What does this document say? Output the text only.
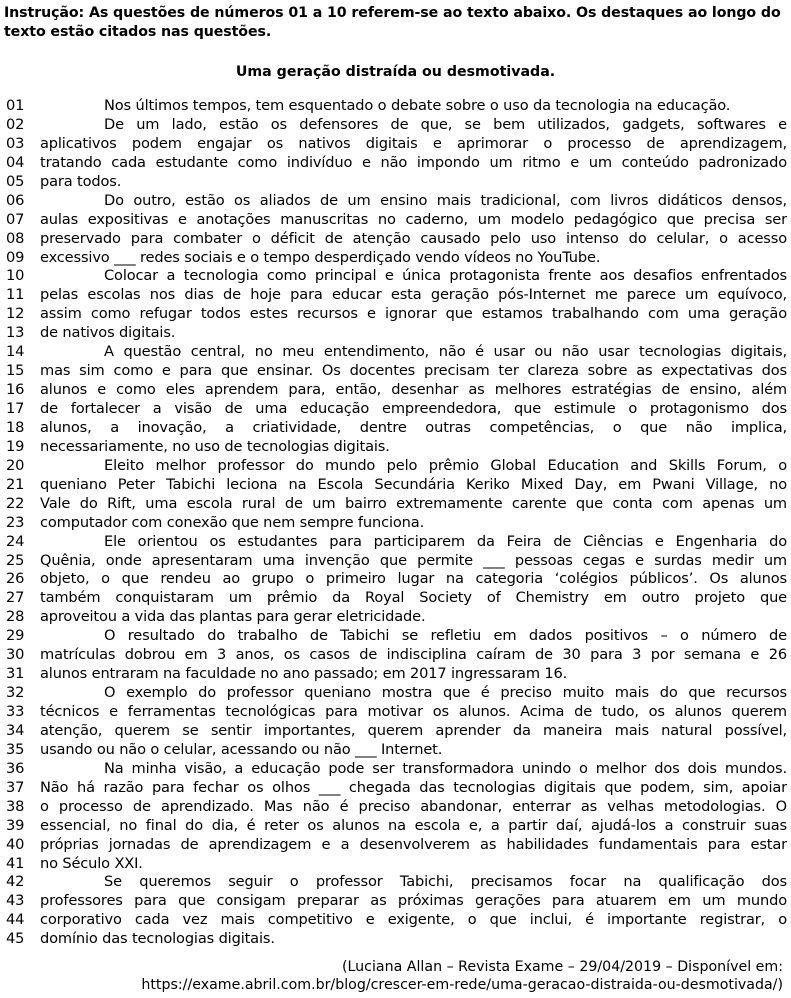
Instrução: As questões de números 01 a 10 referem-se ao texto abaixo. Os destaques ao longo do texto estão citados nas questões.

Uma geração distraída ou desmotivada.
01	Nos últimos tempos, tem esquentado o debate sobre o uso da tecnologia na educação.
02	De um lado, estão os defensores de que, se bem utilizados, gadgets, softwares e
03	aplicativos podem engajar os nativos digitais e aprimorar o processo de aprendizagem,
04	tratando cada estudante como indivíduo e não impondo um ritmo e um conteúdo padronizado
05	para todos.
06	Do outro, estão os aliados de um ensino mais tradicional, com livros didáticos densos,
07	aulas expositivas e anotações manuscritas no caderno, um modelo pedagógico que precisa ser
08	preservado para combater o déficit de atenção causado pelo uso intenso do celular, o acesso
09	excessivo ___ redes sociais e o tempo desperdiçado vendo vídeos no YouTube.
10	Colocar a tecnologia como principal e única protagonista frente aos desafios enfrentados
11	pelas escolas nos dias de hoje para educar esta geração pós-Internet me parece um equívoco,
12	assim como refugar todos estes recursos e ignorar que estamos trabalhando com uma geração
13	de nativos digitais.
14	A questão central, no meu entendimento, não é usar ou não usar tecnologias digitais,
15	mas sim como e para que ensinar. Os docentes precisam ter clareza sobre as expectativas dos
16	alunos e como eles aprendem para, então, desenhar as melhores estratégias de ensino, além
17	de fortalecer a visão de uma educação empreendedora, que estimule o protagonismo dos
18	alunos, a inovação, a criatividade, dentre outras competências, o que não implica,
19	necessariamente, no uso de tecnologias digitais.
20	Eleito melhor professor do mundo pelo prêmio Global Education and Skills Forum, o
21	queniano Peter Tabichi leciona na Escola Secundária Keriko Mixed Day, em Pwani Village, no
22	Vale do Rift, uma escola rural de um bairro extremamente carente que conta com apenas um
23	computador com conexão que nem sempre funciona.
24	Ele orientou os estudantes para participarem da Feira de Ciências e Engenharia do
25	Quênia, onde apresentaram uma invenção que permite ___ pessoas cegas e surdas medir um
26	objeto, o que rendeu ao grupo o primeiro lugar na categoria ‘colégios públicos’. Os alunos
27	também conquistaram um prêmio da Royal Society of Chemistry em outro projeto que
28	aproveitou a vida das plantas para gerar eletricidade.
29	O resultado do trabalho de Tabichi se refletiu em dados positivos – o número de
30	matrículas dobrou em 3 anos, os casos de indisciplina caíram de 30 para 3 por semana e 26
31	alunos entraram na faculdade no ano passado; em 2017 ingressaram 16.
32	O exemplo do professor queniano mostra que é preciso muito mais do que recursos
33	técnicos e ferramentas tecnológicas para motivar os alunos. Acima de tudo, os alunos querem
34	atenção, querem se sentir importantes, querem aprender da maneira mais natural possível,
35	usando ou não o celular, acessando ou não ___ Internet.
36	Na minha visão, a educação pode ser transformadora unindo o melhor dos dois mundos.
37	Não há razão para fechar os olhos ___ chegada das tecnologias digitais que podem, sim, apoiar
38	o processo de aprendizado. Mas não é preciso abandonar, enterrar as velhas metodologias. O
39	essencial, no final do dia, é reter os alunos na escola e, a partir daí, ajudá-los a construir suas
40	próprias jornadas de aprendizagem e a desenvolverem as habilidades fundamentais para estar
41	no Século XXI.
42	Se queremos seguir o professor Tabichi, precisamos focar na qualificação dos
43	professores para que consigam preparar as próximas gerações para atuarem em um mundo
44	corporativo cada vez mais competitivo e exigente, o que inclui, é importante registrar, o
45	domínio das tecnologias digitais.
(Luciana Allan – Revista Exame – 29/04/2019 – Disponível em:
https://exame.abril.com.br/blog/crescer-em-rede/uma-geracao-distraida-ou-desmotivada/)
